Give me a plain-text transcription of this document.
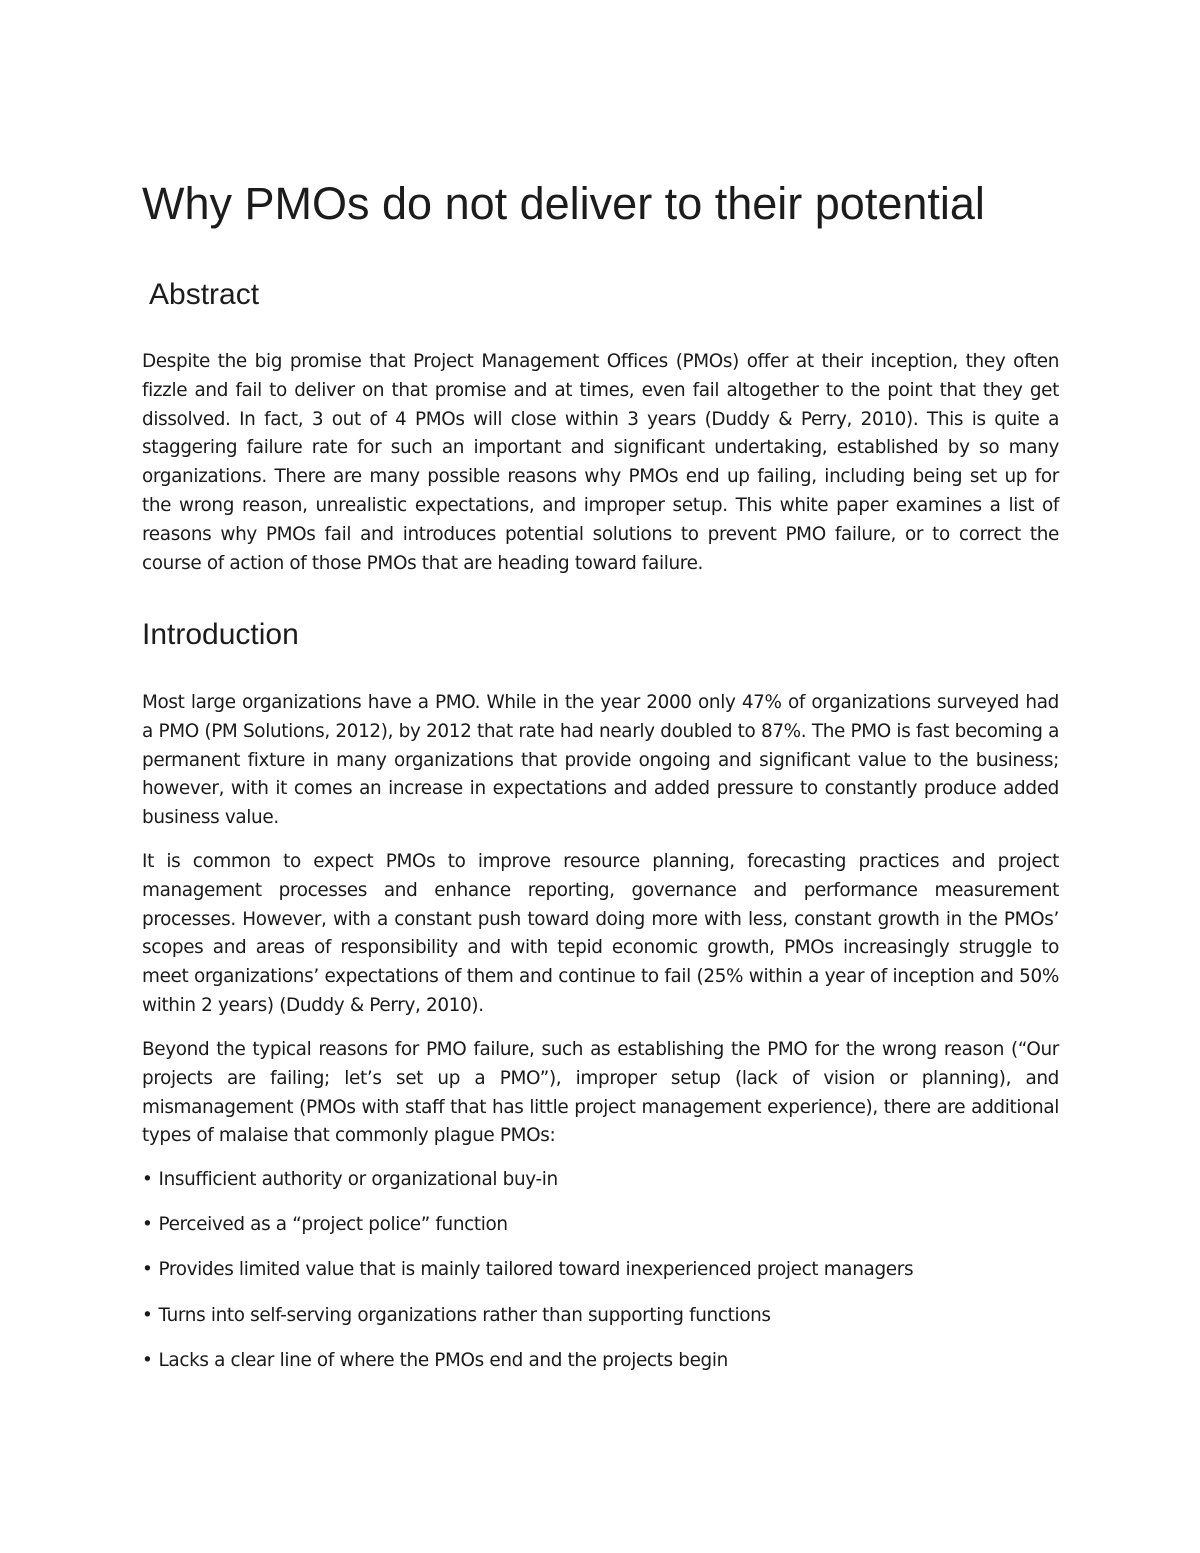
Why PMOs do not deliver to their potential
Abstract

Despite the big promise that Project Management Offices (PMOs) offer at their inception, they often fizzle and fail to deliver on that promise and at times, even fail altogether to the point that they get dissolved. In fact, 3 out of 4 PMOs will close within 3 years (Duddy & Perry, 2010). This is quite a staggering failure rate for such an important and significant undertaking, established by so many organizations. There are many possible reasons why PMOs end up failing, including being set up for the wrong reason, unrealistic expectations, and improper setup. This white paper examines a list of reasons why PMOs fail and introduces potential solutions to prevent PMO failure, or to correct the course of action of those PMOs that are heading toward failure.

Introduction

Most large organizations have a PMO. While in the year 2000 only 47% of organizations surveyed had a PMO (PM Solutions, 2012), by 2012 that rate had nearly doubled to 87%. The PMO is fast becoming a permanent fixture in many organizations that provide ongoing and significant value to the business; however, with it comes an increase in expectations and added pressure to constantly produce added business value.

It is common to expect PMOs to improve resource planning, forecasting practices and project management processes and enhance reporting, governance and performance measurement processes. However, with a constant push toward doing more with less, constant growth in the PMOs’ scopes and areas of responsibility and with tepid economic growth, PMOs increasingly struggle to meet organizations’ expectations of them and continue to fail (25% within a year of inception and 50% within 2 years) (Duddy & Perry, 2010).

Beyond the typical reasons for PMO failure, such as establishing the PMO for the wrong reason (“Our projects are failing; let’s set up a PMO”), improper setup (lack of vision or planning), and mismanagement (PMOs with staff that has little project management experience), there are additional types of malaise that commonly plague PMOs:

• Insufficient authority or organizational buy-in
• Perceived as a “project police” function
• Provides limited value that is mainly tailored toward inexperienced project managers
• Turns into self-serving organizations rather than supporting functions
• Lacks a clear line of where the PMOs end and the projects begin
